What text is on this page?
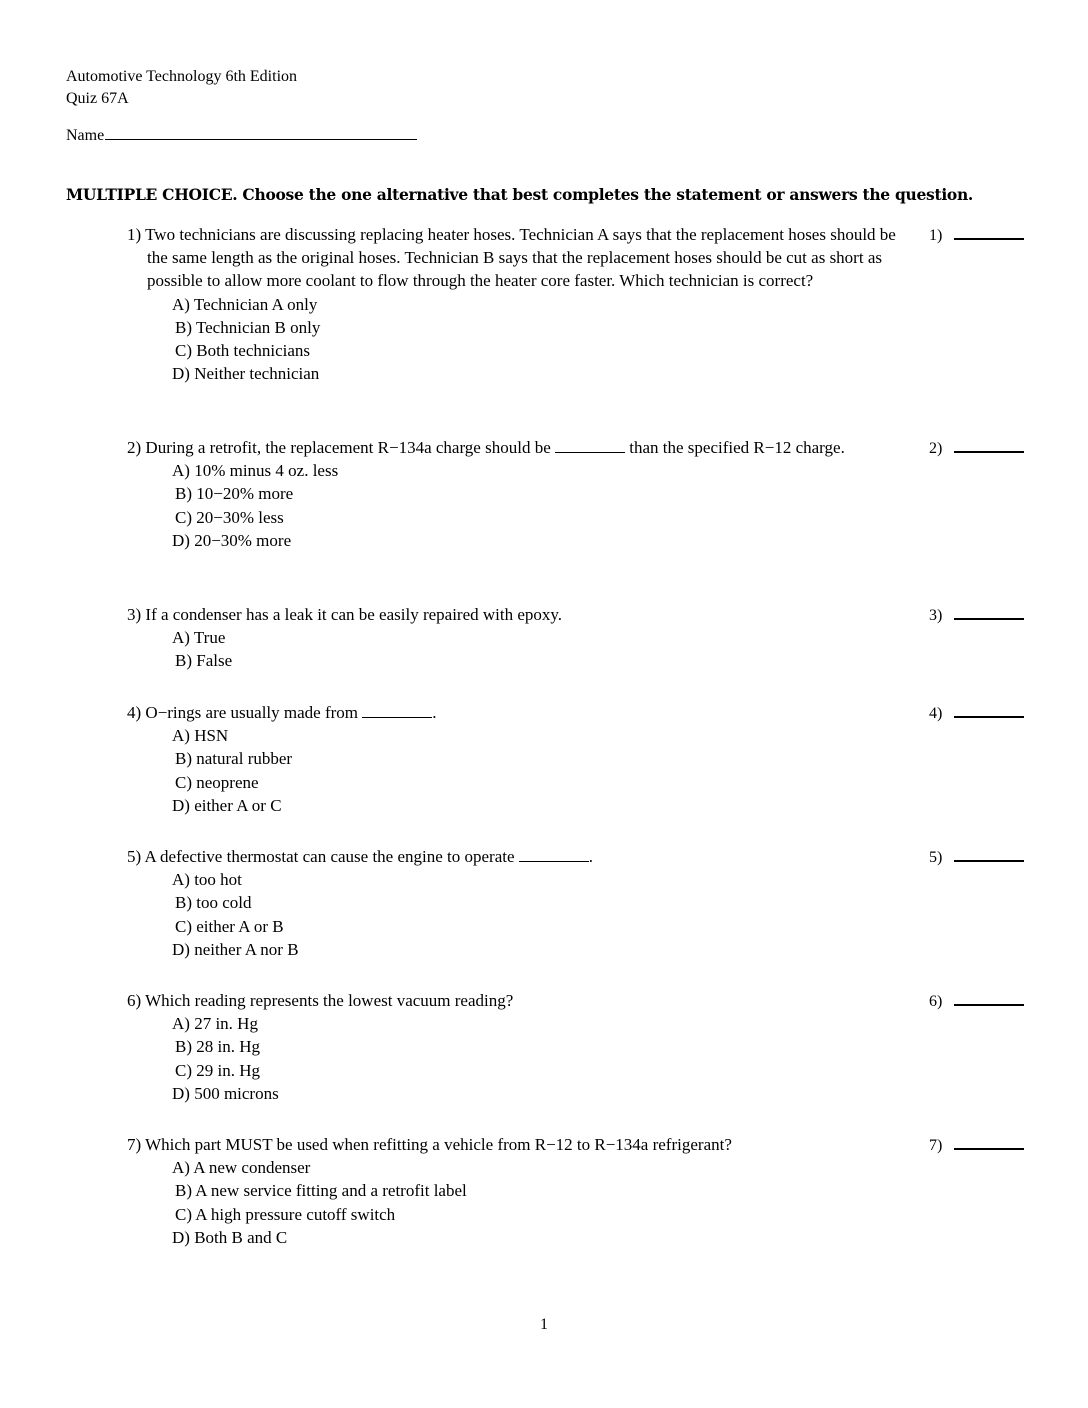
Automotive Technology 6th Edition
Quiz 67A
Name
MULTIPLE CHOICE. Choose the one alternative that best completes the statement or answers the question.
1) Two technicians are discussing replacing heater hoses. Technician A says that the replacement hoses should be the same length as the original hoses. Technician B says that the replacement hoses should be cut as short as possible to allow more coolant to flow through the heater core faster. Which technician is correct?
A) Technician A only
B) Technician B only
C) Both technicians
D) Neither technician
1)
2) During a retrofit, the replacement R−134a charge should be	than the specified R−12 charge.
A) 10% minus 4 oz. less
B) 10−20% more
C) 20−30% less
D) 20−30% more
2)
3) If a condenser has a leak it can be easily repaired with epoxy.
A) True
B) False
3)
4) O−rings are usually made from	.
A) HSN
B) natural rubber
C) neoprene
D) either A or C
4)
5) A defective thermostat can cause the engine to operate	.
A) too hot
B) too cold
C) either A or B
D) neither A nor B
5)
6) Which reading represents the lowest vacuum reading?
A) 27 in. Hg
B) 28 in. Hg
C) 29 in. Hg
D) 500 microns
6)
7) Which part MUST be used when refitting a vehicle from R−12 to R−134a refrigerant?
A) A new condenser
B) A new service fitting and a retrofit label
C) A high pressure cutoff switch
D) Both B and C
7)
1
